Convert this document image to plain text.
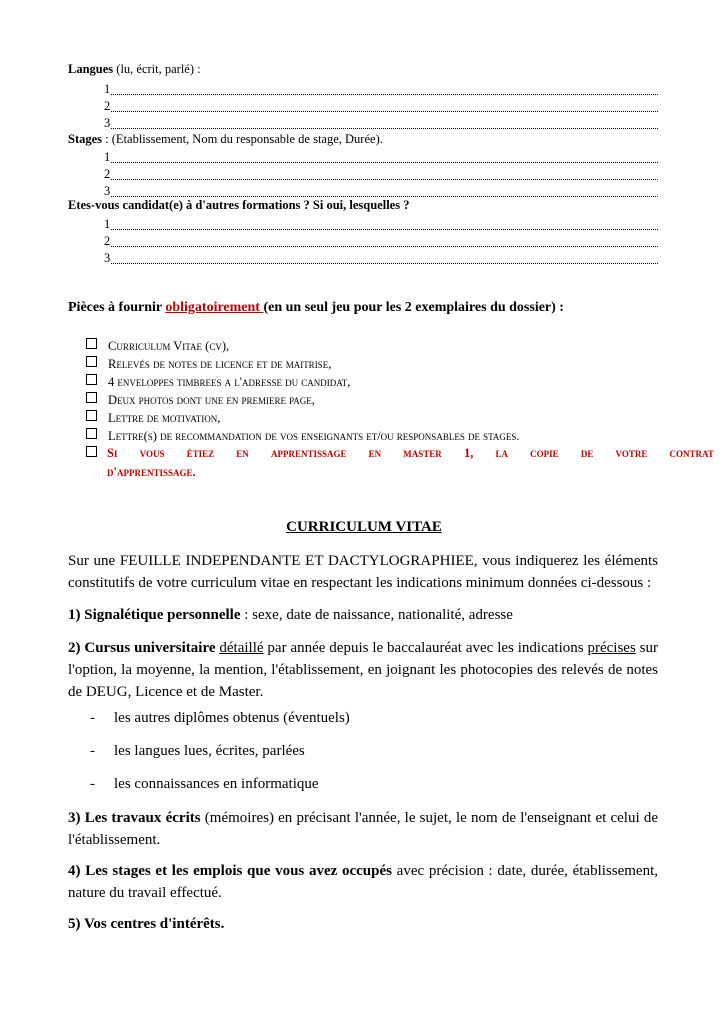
Langues (lu, écrit, parlé) :
1
2
3
Stages : (Etablissement, Nom du responsable de stage, Durée).
1
2
3
Etes-vous candidat(e) à d'autres formations ? Si oui, lesquelles ?
1
2
3
Pièces à fournir obligatoirement (en un seul jeu pour les 2 exemplaires du dossier) :
Curriculum Vitae (cv),
Relevés de notes de licence et de maitrise,
4 enveloppes timbrees a l'adresse du candidat,
Deux photos dont une en premiere page,
Lettre de motivation,
Lettre(s) de recommandation de vos enseignants et/ou responsables de stages.
Si vous étiez en apprentissage en master 1, la copie de votre contrat
d'apprentissage.
CURRICULUM VITAE
Sur une FEUILLE INDEPENDANTE ET DACTYLOGRAPHIEE, vous indiquerez les éléments constitutifs de votre curriculum vitae en respectant les indications minimum données ci-dessous :
1) Signalétique personnelle : sexe, date de naissance, nationalité, adresse
2) Cursus universitaire détaillé par année depuis le baccalauréat avec les indications précises sur l'option, la moyenne, la mention, l'établissement, en joignant les photocopies des relevés de notes de DEUG, Licence et de Master.
- les autres diplômes obtenus (éventuels)
- les langues lues, écrites, parlées
- les connaissances en informatique
3) Les travaux écrits (mémoires) en précisant l'année, le sujet, le nom de l'enseignant et celui de l'établissement.
4) Les stages et les emplois que vous avez occupés avec précision : date, durée, établissement, nature du travail effectué.
5) Vos centres d'intérêts.
